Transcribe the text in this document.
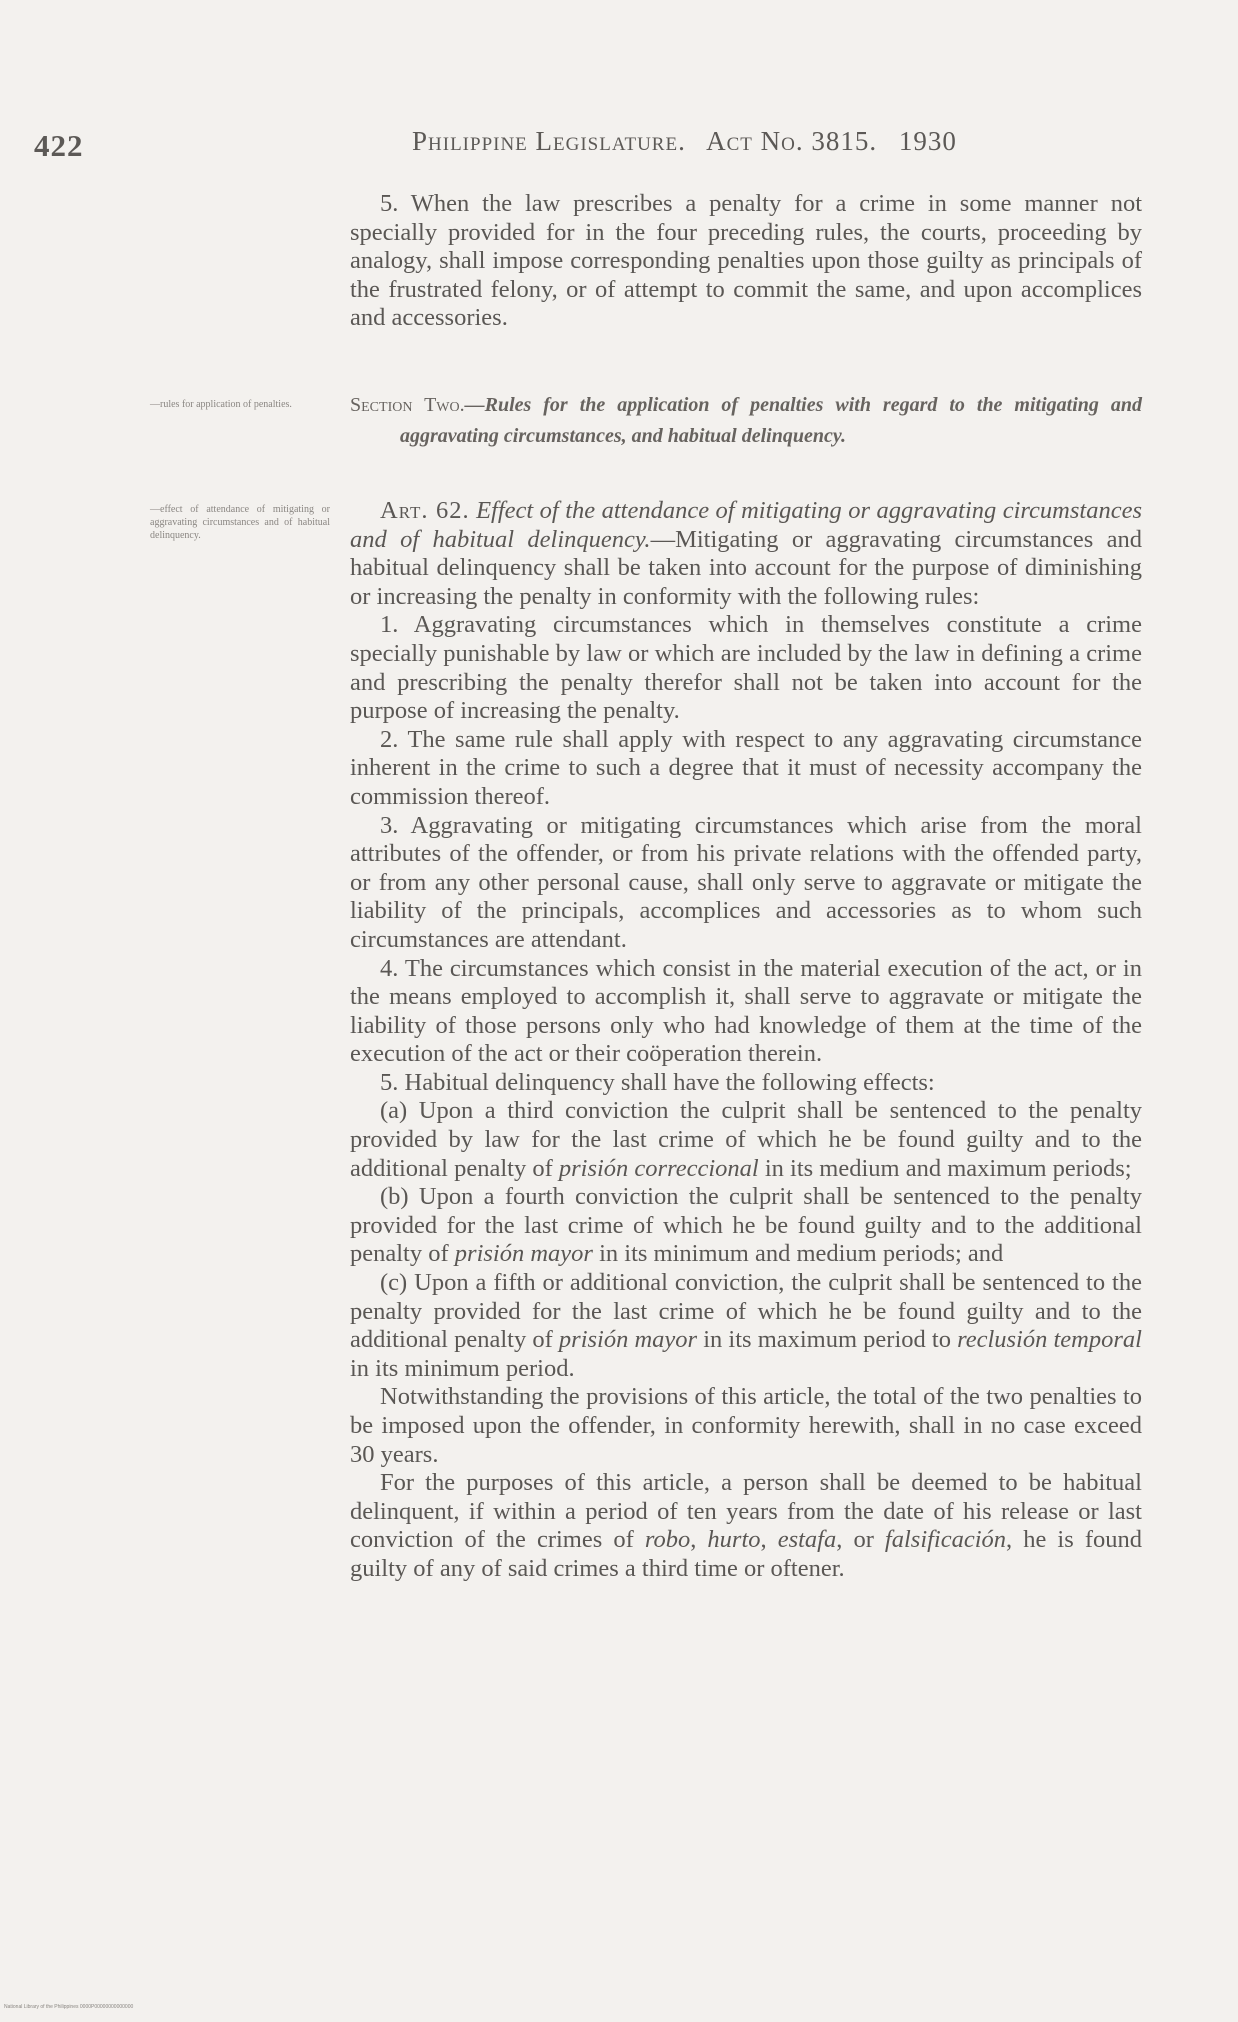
422	Philippine Legislature. Act No. 3815. 1930

5. When the law prescribes a penalty for a crime in some manner not specially provided for in the four preceding rules, the courts, proceeding by analogy, shall impose corresponding penalties upon those guilty as principals of the frustrated felony, or of attempt to commit the same, and upon accomplices and accessories.

—rules for application of penalties.	Section Two.—Rules for the application of penalties with regard to the mitigating and aggravating circumstances, and habitual delinquency.
—effect of attendance of mitigating or aggravating circumstances and of habitual delinquency.

Art. 62. Effect of the attendance of mitigating or aggravating circumstances and of habitual delinquency.—Mitigating or aggravating circumstances and habitual delinquency shall be taken into account for the purpose of diminishing or increasing the penalty in conformity with the following rules:

1. Aggravating circumstances which in themselves constitute a crime specially punishable by law or which are included by the law in defining a crime and prescribing the penalty therefor shall not be taken into account for the purpose of increasing the penalty.

2. The same rule shall apply with respect to any aggravating circumstance inherent in the crime to such a degree that it must of necessity accompany the commission thereof.

3. Aggravating or mitigating circumstances which arise from the moral attributes of the offender, or from his private relations with the offended party, or from any other personal cause, shall only serve to aggravate or mitigate the liability of the principals, accomplices and accessories as to whom such circumstances are attendant.

4. The circumstances which consist in the material execution of the act, or in the means employed to accomplish it, shall serve to aggravate or mitigate the liability of those persons only who had knowledge of them at the time of the execution of the act or their coöperation therein.

5. Habitual delinquency shall have the following effects:

(a) Upon a third conviction the culprit shall be sentenced to the penalty provided by law for the last crime of which he be found guilty and to the additional penalty of prisión correccional in its medium and maximum periods;

(b) Upon a fourth conviction the culprit shall be sentenced to the penalty provided for the last crime of which he be found guilty and to the additional penalty of prisión mayor in its minimum and medium periods; and

(c) Upon a fifth or additional conviction, the culprit shall be sentenced to the penalty provided for the last crime of which he be found guilty and to the additional penalty of prisión mayor in its maximum period to reclusión temporal in its minimum period.

Notwithstanding the provisions of this article, the total of the two penalties to be imposed upon the offender, in conformity herewith, shall in no case exceed 30 years.

For the purposes of this article, a person shall be deemed to be habitual delinquent, if within a period of ten years from the date of his release or last conviction of the crimes of robo, hurto, estafa, or falsificación, he is found guilty of any of said crimes a third time or oftener.

National Library of the Philippines 0000P00000000000000
